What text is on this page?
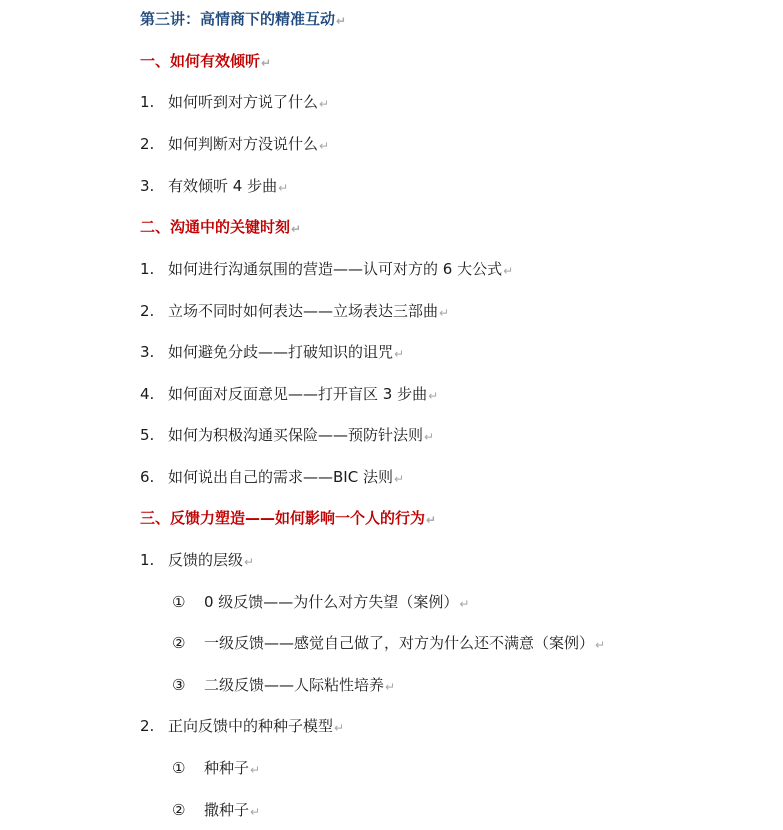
第三讲：高情商下的精准互动↵
一、如何有效倾听↵
1. 如何听到对方说了什么↵
2. 如何判断对方没说什么↵
3. 有效倾听 4 步曲↵
二、沟通中的关键时刻↵
1. 如何进行沟通氛围的营造——认可对方的 6 大公式↵
2. 立场不同时如何表达——立场表达三部曲↵
3. 如何避免分歧——打破知识的诅咒↵
4. 如何面对反面意见——打开盲区 3 步曲↵
5. 如何为积极沟通买保险——预防针法则↵
6. 如何说出自己的需求——BIC 法则↵
三、反馈力塑造——如何影响一个人的行为↵
1. 反馈的层级↵
① 0 级反馈——为什么对方失望（案例）↵
② 一级反馈——感觉自己做了，对方为什么还不满意（案例）↵
③ 二级反馈——人际粘性培养↵
2. 正向反馈中的种种子模型↵
① 种种子↵
② 撒种子↵
